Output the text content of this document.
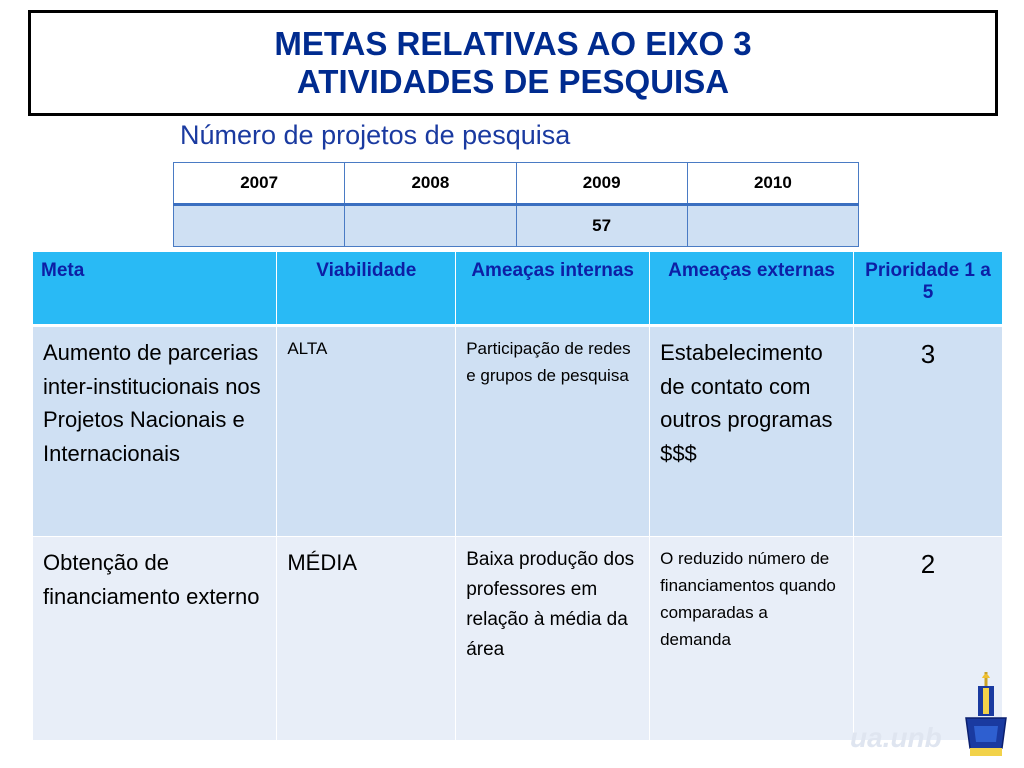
METAS RELATIVAS AO EIXO 3
ATIVIDADES DE PESQUISA
Número de projetos de pesquisa
2007	2008	2009	2010
		57	
Meta	Viabilidade	Ameaças internas	Ameaças externas	Prioridade 1 a 5
Aumento de parcerias inter-institucionais nos Projetos Nacionais e Internacionais	ALTA	Participação de redes e grupos de pesquisa	Estabelecimento de contato com outros programas $$$	3
Obtenção de financiamento externo	MÉDIA	Baixa produção dos professores em relação à média da área	O reduzido número de financiamentos quando comparadas a demanda	2
ua.unb
